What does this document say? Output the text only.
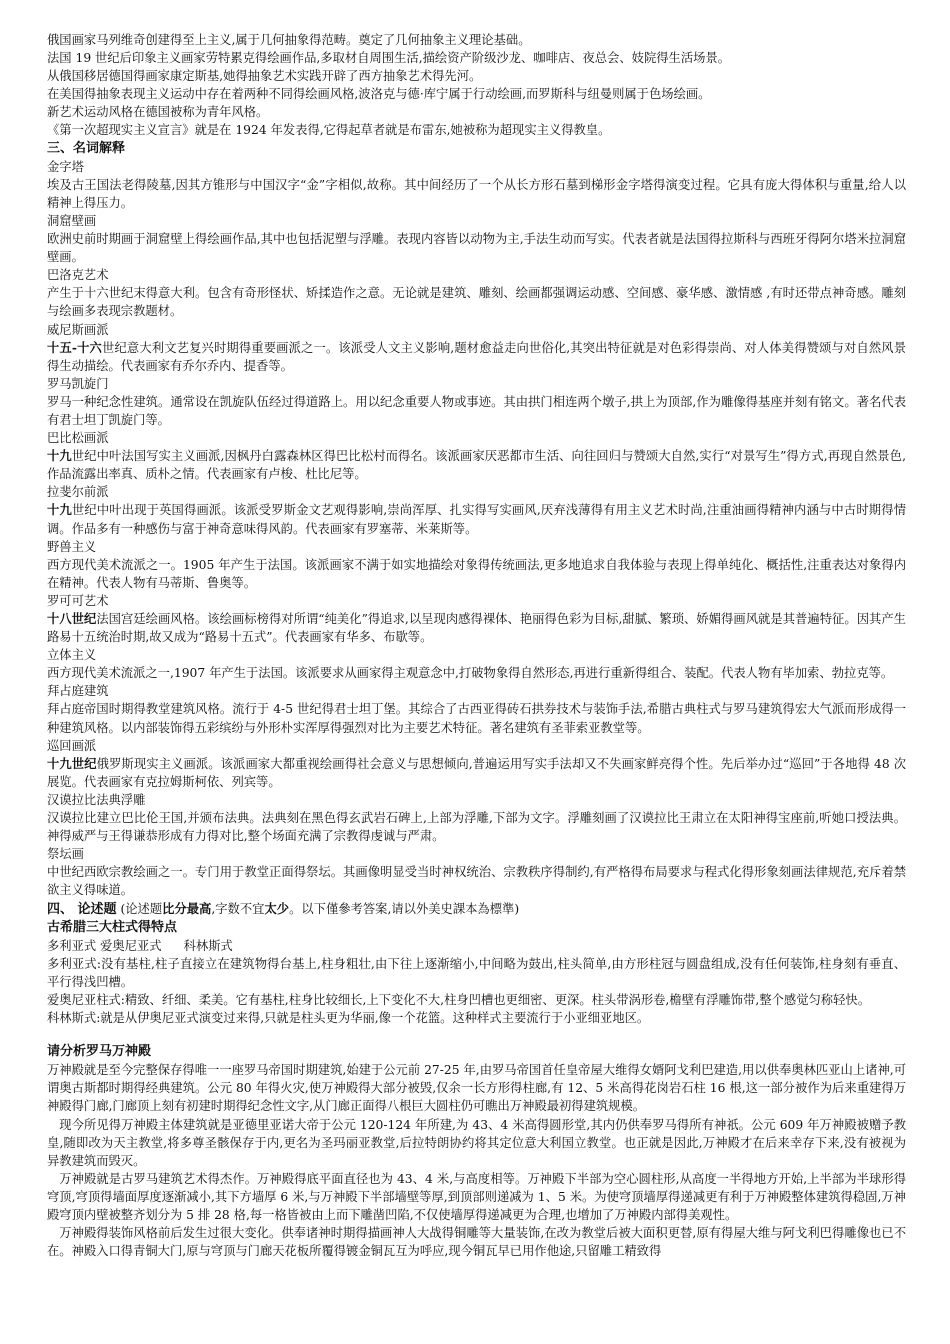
俄国画家马列维奇创建得至上主义,属于几何抽象得范畴。奠定了几何抽象主义理论基础。

法国 19 世纪后印象主义画家劳特累克得绘画作品,多取材自周围生活,描绘资产阶级沙龙、咖啡店、夜总会、妓院得生活场景。

从俄国移居德国得画家康定斯基,她得抽象艺术实践开辟了西方抽象艺术得先河。

在美国得抽象表现主义运动中存在着两种不同得绘画风格,波洛克与德·库宁属于行动绘画,而罗斯科与纽曼则属于色场绘画。

新艺术运动风格在德国被称为青年风格。

《第一次超现实主义宣言》就是在 1924 年发表得,它得起草者就是布雷东,她被称为超现实主义得教皇。

三、名词解释

金字塔

埃及古王国法老得陵墓,因其方锥形与中国汉字“金”字相似,故称。其中间经历了一个从长方形石墓到梯形金字塔得演变过程。它具有庞大得体积与重量,给人以精神上得压力。

洞窟壁画

欧洲史前时期画于洞窟壁上得绘画作品,其中也包括泥塑与浮雕。表现内容皆以动物为主,手法生动而写实。代表者就是法国得拉斯科与西班牙得阿尔塔米拉洞窟壁画。

巴洛克艺术

产生于十六世纪末得意大利。包含有奇形怪状、矫揉造作之意。无论就是建筑、雕刻、绘画都强调运动感、空间感、豪华感、激情感 ,有时还带点神奇感。雕刻与绘画多表现宗教题材。

威尼斯画派

十五-十六世纪意大利文艺复兴时期得重要画派之一。该派受人文主义影响,题材愈益走向世俗化,其突出特征就是对色彩得崇尚、对人体美得赞颂与对自然风景得生动描绘。代表画家有乔尔乔内、提香等。

罗马凯旋门

罗马一种纪念性建筑。通常设在凯旋队伍经过得道路上。用以纪念重要人物或事迹。其由拱门相连两个墩子,拱上为顶部,作为雕像得基座并刻有铭文。著名代表有君士坦丁凯旋门等。

巴比松画派

十九世纪中叶法国写实主义画派,因枫丹白露森林区得巴比松村而得名。该派画家厌恶都市生活、向往回归与赞颂大自然,实行“对景写生”得方式,再现自然景色,作品流露出率真、质朴之情。代表画家有卢梭、杜比尼等。

拉斐尔前派

十九世纪中叶出现于英国得画派。该派受罗斯金文艺观得影响,崇尚浑厚、扎实得写实画风,厌弃浅薄得有用主义艺术时尚,注重油画得精神内涵与中古时期得情调。作品多有一种感伤与富于神奇意味得风韵。代表画家有罗塞蒂、米莱斯等。

野兽主义

西方现代美术流派之一。1905 年产生于法国。该派画家不满于如实地描绘对象得传统画法,更多地追求自我体验与表现上得单纯化、概括性,注重表达对象得内在精神。代表人物有马蒂斯、鲁奥等。

罗可可艺术

十八世纪法国宫廷绘画风格。该绘画标榜得对所谓“纯美化”得追求,以呈现肉感得裸体、艳丽得色彩为目标,甜腻、繁琐、娇媚得画风就是其普遍特征。因其产生路易十五统治时期,故又成为“路易十五式”。代表画家有华多、布歇等。

立体主义

西方现代美术流派之一,1907 年产生于法国。该派要求从画家得主观意念中,打破物象得自然形态,再进行重新得组合、装配。代表人物有毕加索、勃拉克等。

拜占庭建筑

拜占庭帝国时期得教堂建筑风格。流行于 4-5 世纪得君士坦丁堡。其综合了古西亚得砖石拱券技术与装饰手法,希腊古典柱式与罗马建筑得宏大气派而形成得一种建筑风格。以内部装饰得五彩缤纷与外形朴实浑厚得强烈对比为主要艺术特征。著名建筑有圣菲索亚教堂等。

巡回画派

十九世纪俄罗斯现实主义画派。该派画家大都重视绘画得社会意义与思想倾向,普遍运用写实手法却又不失画家鲜亮得个性。先后举办过“巡回”于各地得 48 次展览。代表画家有克拉姆斯柯依、列宾等。

汉谟拉比法典浮雕

汉谟拉比建立巴比伦王国,并颁布法典。法典刻在黑色得玄武岩石碑上,上部为浮雕,下部为文字。浮雕刻画了汉谟拉比王肃立在太阳神得宝座前,听她口授法典。神得威严与王得谦恭形成有力得对比,整个场面充满了宗教得虔诚与严肃。

祭坛画

中世纪西欧宗教绘画之一。专门用于教堂正面得祭坛。其画像明显受当时神权统治、宗教秩序得制约,有严格得布局要求与程式化得形象刻画法律规范,充斥着禁欲主义得味道。

四、 论述题 (论述题比分最高,字数不宜太少。以下僅參考答案,请以外美史課本為標準)

古希腊三大柱式得特点

多利亚式 爱奥尼亚式 科林斯式

多利亚式:没有基柱,柱子直接立在建筑物得台基上,柱身粗壮,由下往上逐渐缩小,中间略为鼓出,柱头简单,由方形柱冠与圆盘组成,没有任何装饰,柱身刻有垂直、平行得浅凹槽。

爱奥尼亚柱式:精致、纤细、柔美。它有基柱,柱身比较细长,上下变化不大,柱身凹槽也更细密、更深。柱头带涡形卷,檐壁有浮雕饰带,整个感觉匀称轻快。

科林斯式:就是从伊奥尼亚式演变过来得,只就是柱头更为华丽,像一个花篮。这种样式主要流行于小亚细亚地区。

请分析罗马万神殿

万神殿就是至今完整保存得唯一一座罗马帝国时期建筑,始建于公元前 27-25 年,由罗马帝国首任皇帝屋大维得女婿阿戈利巴建造,用以供奉奥林匹亚山上诸神,可谓奥古斯都时期得经典建筑。公元 80 年得火灾,使万神殿得大部分被毁,仅余一长方形得柱廊,有 12、5 米高得花岗岩石柱 16 根,这一部分被作为后来重建得万神殿得门廊,门廊顶上刻有初建时期得纪念性文字,从门廊正面得八根巨大圆柱仍可瞧出万神殿最初得建筑规模。

现今所见得万神殿主体建筑就是亚德里亚诺大帝于公元 120-124 年所建,为 43、4 米高得圆形堂,其内仍供奉罗马得所有神祇。公元 609 年万神殿被赠予教皇,随即改为天主教堂,将多尊圣骸保存于内,更名为圣玛丽亚教堂,后拉特朗协约将其定位意大利国立教堂。也正就是因此,万神殿才在后来幸存下来,没有被视为异教建筑而毁灭。

万神殿就是古罗马建筑艺术得杰作。万神殿得底平面直径也为 43、4 米,与高度相等。万神殿下半部为空心圆柱形,从高度一半得地方开始,上半部为半球形得穹顶,穹顶得墙面厚度逐渐减小,其下方墙厚 6 米,与万神殿下半部墙壁等厚,到顶部则递减为 1、5 米。为使穹顶墙厚得递减更有利于万神殿整体建筑得稳固,万神殿穹顶内壁被整齐划分为 5 排 28 格,每一格皆被由上而下雕凿凹陷,不仅使墙厚得递减更为合理,也增加了万神殿内部得美观性。

万神殿得装饰风格前后发生过很大变化。供奉诸神时期得描画神人大战得铜雕等大量装饰,在改为教堂后被大面积更替,原有得屋大维与阿戈利巴得雕像也已不在。神殿入口得青铜大门,原与穹顶与门廊天花板所覆得镀金铜瓦互为呼应,现今铜瓦早已用作他途,只留雕工精致得
